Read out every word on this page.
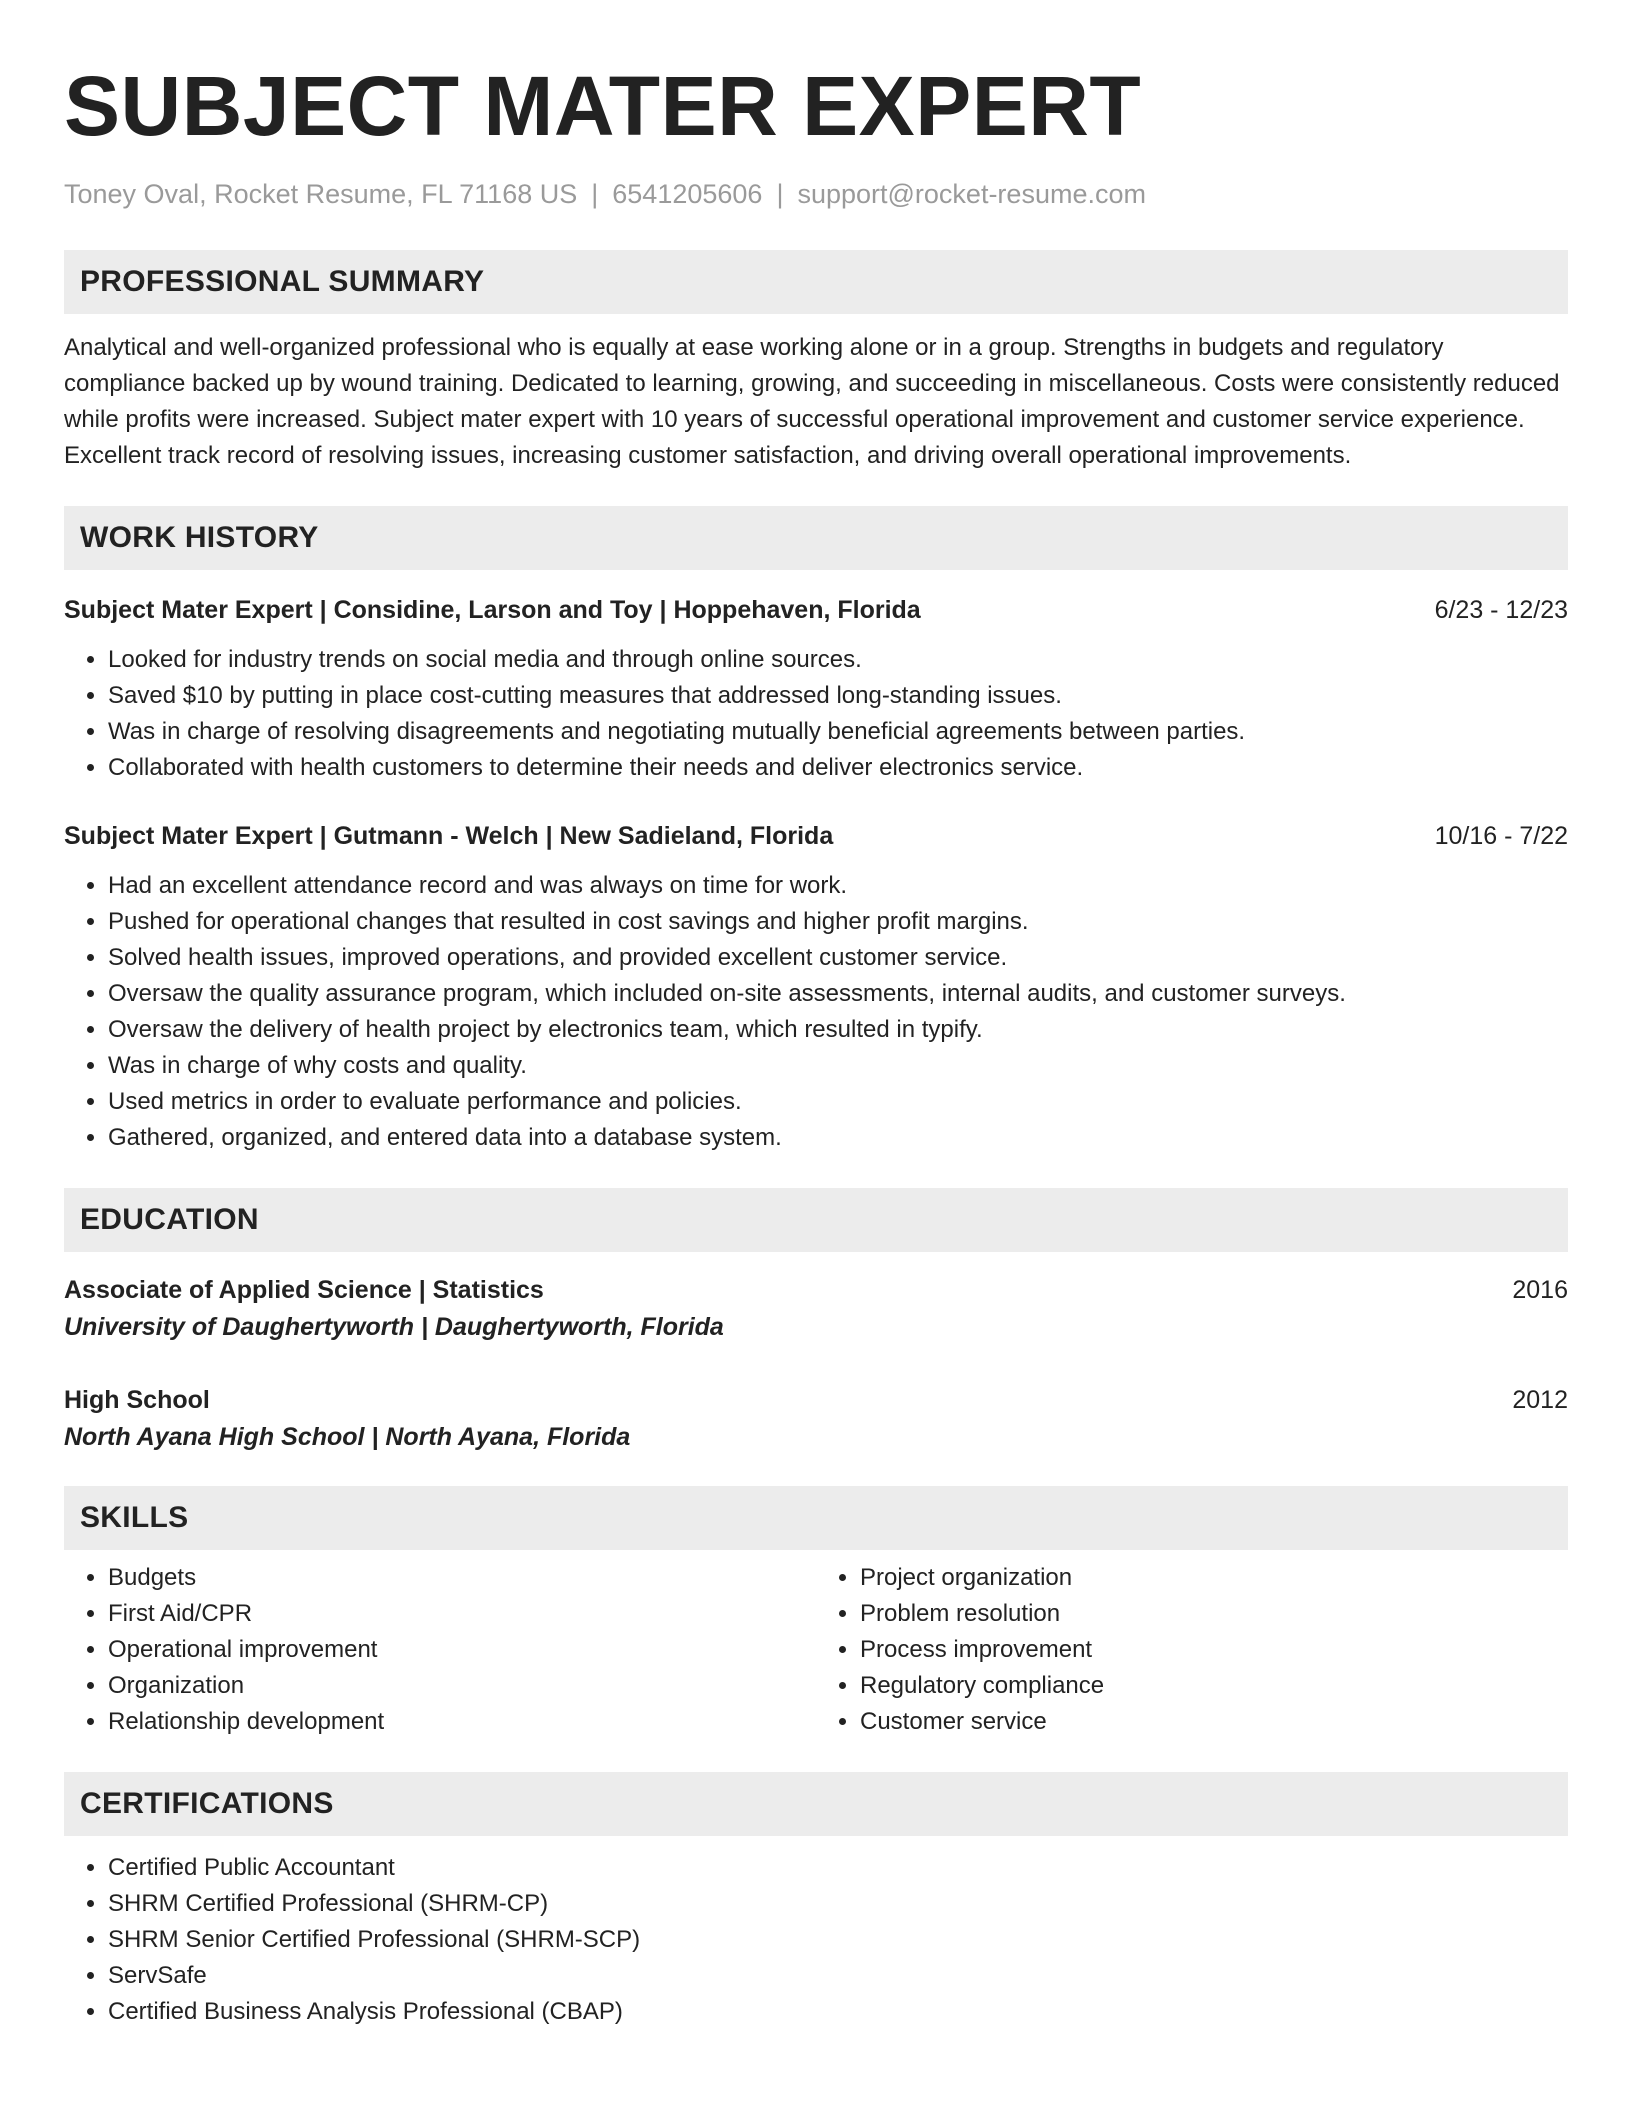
SUBJECT MATER EXPERT
Toney Oval, Rocket Resume, FL 71168 US | 6541205606 | support@rocket-resume.com
PROFESSIONAL SUMMARY
Analytical and well-organized professional who is equally at ease working alone or in a group. Strengths in budgets and regulatory compliance backed up by wound training. Dedicated to learning, growing, and succeeding in miscellaneous. Costs were consistently reduced while profits were increased. Subject mater expert with 10 years of successful operational improvement and customer service experience. Excellent track record of resolving issues, increasing customer satisfaction, and driving overall operational improvements.
WORK HISTORY
Subject Mater Expert | Considine, Larson and Toy | Hoppehaven, Florida	6/23 - 12/23
• Looked for industry trends on social media and through online sources.
• Saved $10 by putting in place cost-cutting measures that addressed long-standing issues.
• Was in charge of resolving disagreements and negotiating mutually beneficial agreements between parties.
• Collaborated with health customers to determine their needs and deliver electronics service.
Subject Mater Expert | Gutmann - Welch | New Sadieland, Florida	10/16 - 7/22
• Had an excellent attendance record and was always on time for work.
• Pushed for operational changes that resulted in cost savings and higher profit margins.
• Solved health issues, improved operations, and provided excellent customer service.
• Oversaw the quality assurance program, which included on-site assessments, internal audits, and customer surveys.
• Oversaw the delivery of health project by electronics team, which resulted in typify.
• Was in charge of why costs and quality.
• Used metrics in order to evaluate performance and policies.
• Gathered, organized, and entered data into a database system.
EDUCATION
Associate of Applied Science | Statistics	2016
University of Daughertyworth | Daughertyworth, Florida
High School	2012
North Ayana High School | North Ayana, Florida
SKILLS
• Budgets
• First Aid/CPR
• Operational improvement
• Organization
• Relationship development
• Project organization
• Problem resolution
• Process improvement
• Regulatory compliance
• Customer service
CERTIFICATIONS
• Certified Public Accountant
• SHRM Certified Professional (SHRM-CP)
• SHRM Senior Certified Professional (SHRM-SCP)
• ServSafe
• Certified Business Analysis Professional (CBAP)
